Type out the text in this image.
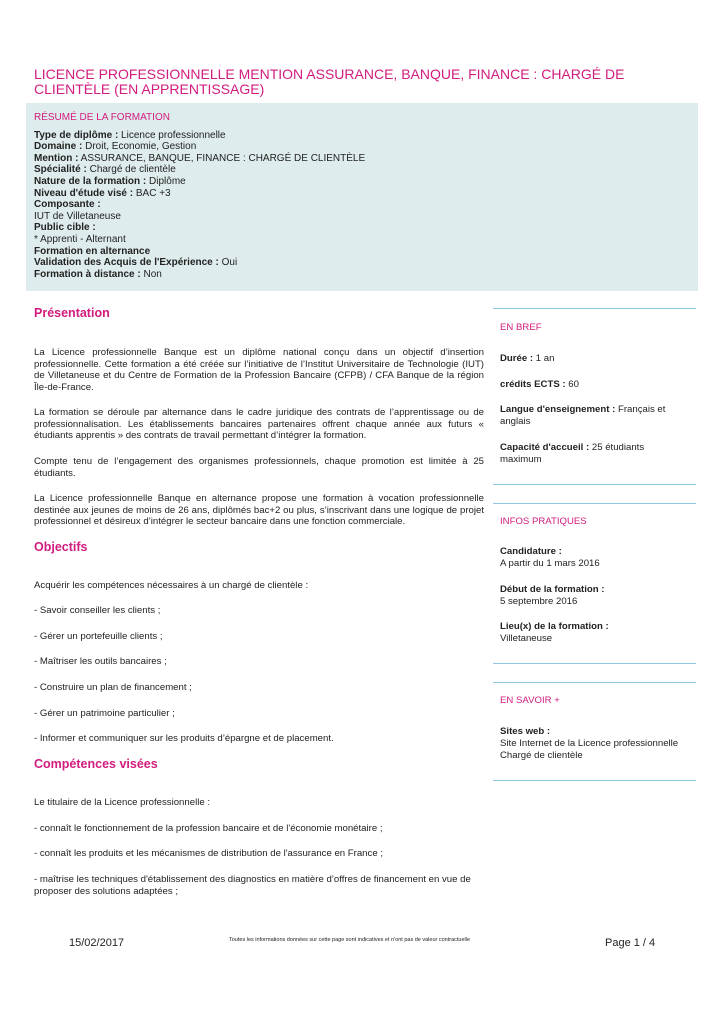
LICENCE PROFESSIONNELLE MENTION ASSURANCE, BANQUE, FINANCE : CHARGÉ DE CLIENTÈLE (EN APPRENTISSAGE)
RÉSUMÉ DE LA FORMATION
Type de diplôme : Licence professionnelle
Domaine : Droit, Economie, Gestion
Mention : ASSURANCE, BANQUE, FINANCE : CHARGÉ DE CLIENTÈLE
Spécialité : Chargé de clientèle
Nature de la formation : Diplôme
Niveau d'étude visé : BAC +3
Composante :
IUT de Villetaneuse
Public cible :
* Apprenti - Alternant
Formation en alternance
Validation des Acquis de l'Expérience : Oui
Formation à distance : Non
Présentation

La Licence professionnelle Banque est un diplôme national conçu dans un objectif d’insertion professionnelle. Cette formation a été créée sur l’initiative de l’Institut Universitaire de Technologie (IUT) de Villetaneuse et du Centre de Formation de la Profession Bancaire (CFPB) / CFA Banque de la région Île-de-France.

La formation se déroule par alternance dans le cadre juridique des contrats de l’apprentissage ou de professionnalisation. Les établissements bancaires partenaires offrent chaque année aux futurs « étudiants apprentis » des contrats de travail permettant d’intégrer la formation.

Compte tenu de l’engagement des organismes professionnels, chaque promotion est limitée à 25 étudiants.

La Licence professionnelle Banque en alternance propose une formation à vocation professionnelle destinée aux jeunes de moins de 26 ans, diplômés bac+2 ou plus, s’inscrivant dans une logique de projet professionnel et désireux d’intégrer le secteur bancaire dans une fonction commerciale.

Objectifs

Acquérir les compétences nécessaires à un chargé de clientèle :

- Savoir conseiller les clients ;

- Gérer un portefeuille clients ;

- Maîtriser les outils bancaires ;

- Construire un plan de financement ;

- Gérer un patrimoine particulier ;

- Informer et communiquer sur les produits d’épargne et de placement.

Compétences visées

Le titulaire de la Licence professionnelle :

- connaît le fonctionnement de la profession bancaire et de l'économie monétaire ;

- connaît les produits et les mécanismes de distribution de l'assurance en France ;

- maîtrise les techniques d'établissement des diagnostics en matière d’offres de financement en vue de proposer des solutions adaptées ;

EN BREF
Durée : 1 an
crédits ECTS : 60
Langue d'enseignement : Français et anglais
Capacité d'accueil : 25 étudiants maximum
INFOS PRATIQUES
Candidature :
A partir du 1 mars 2016
Début de la formation :
5 septembre 2016
Lieu(x) de la formation :
Villetaneuse
EN SAVOIR +
Sites web :
Site Internet de la Licence professionnelle Chargé de clientèle
15/02/2017	Toutes les informations données sur cette page sont indicatives et n'ont pas de valeur contractuelle	Page 1 / 4
